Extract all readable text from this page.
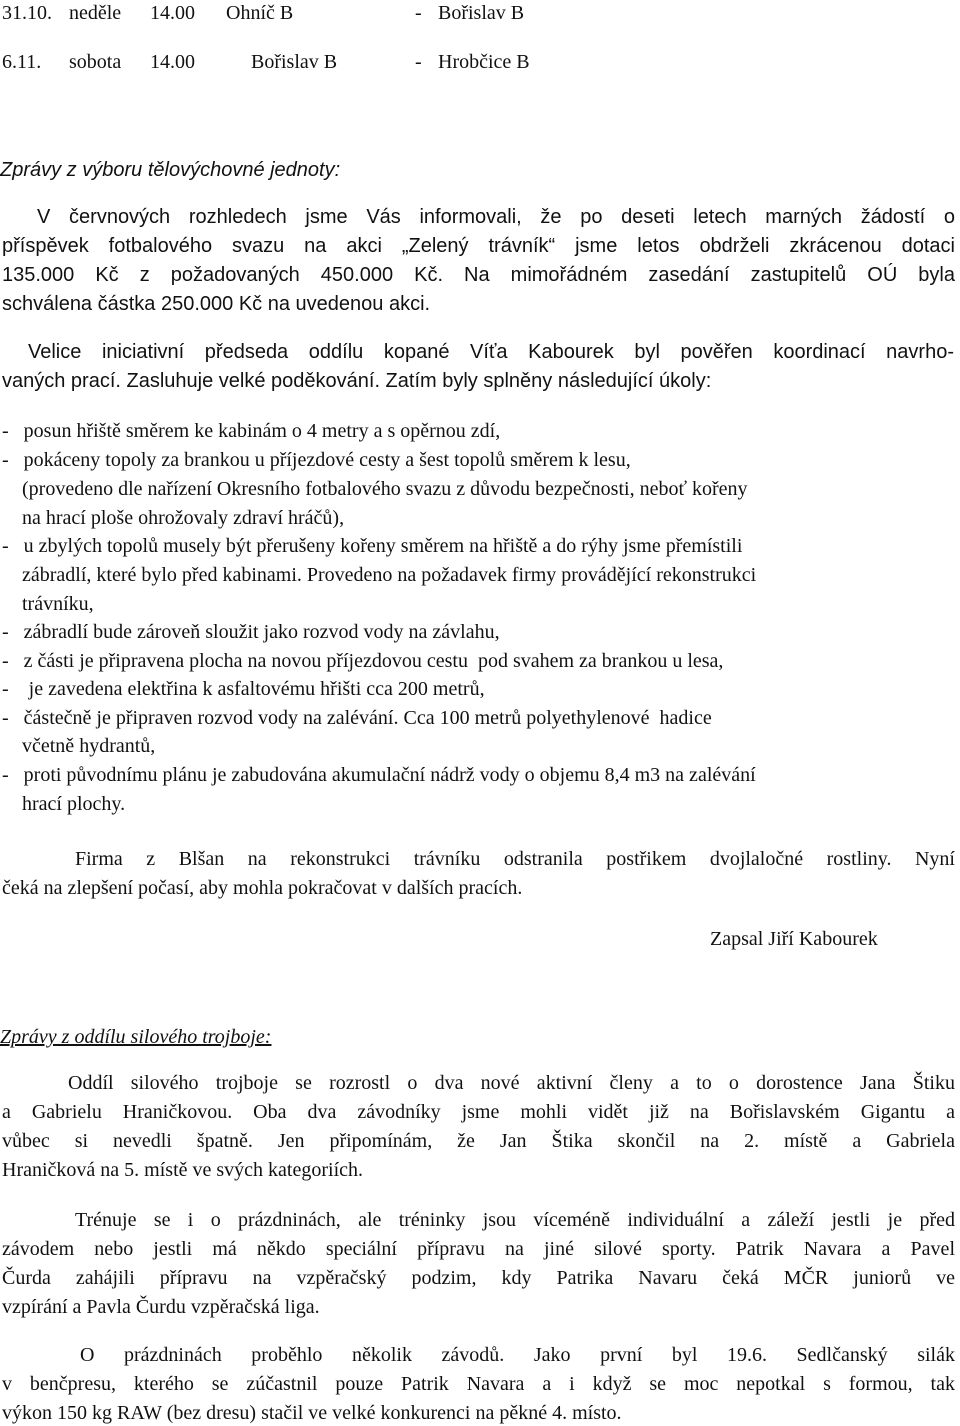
31.10. neděle 14.00 Ohníč B	- Bořislav B
6.11. sobota 14.00	Bořislav B	- Hrobčice B
Zprávy z výboru tělovýchovné jednoty:
V červnových rozhledech jsme Vás informovali, že po deseti letech marných žádostí o
příspěvek fotbalového svazu na akci „Zelený trávník“ jsme letos obdrželi zkrácenou dotaci
135.000 Kč z požadovaných 450.000 Kč. Na mimořádném zasedání zastupitelů OÚ byla
schválena částka 250.000 Kč na uvedenou akci.
Velice iniciativní předseda oddílu kopané Víťa Kabourek byl pověřen koordinací navrho-
vaných prací. Zasluhuje velké poděkování. Zatím byly splněny následující úkoly:
-   posun hřiště směrem ke kabinám o 4 metry a s opěrnou zdí,
-   pokáceny topoly za brankou u příjezdové cesty a šest topolů směrem k lesu,
(provedeno dle nařízení Okresního fotbalového svazu z důvodu bezpečnosti, neboť kořeny
na hrací ploše ohrožovaly zdraví hráčů),
-   u zbylých topolů musely být přerušeny kořeny směrem na hřiště a do rýhy jsme přemístili
zábradlí, které bylo před kabinami. Provedeno na požadavek firmy provádějící rekonstrukci
trávníku,
-   zábradlí bude zároveň sloužit jako rozvod vody na závlahu,
-   z části je připravena plocha na novou příjezdovou cestu  pod svahem za brankou u lesa,
-    je zavedena elektřina k asfaltovému hřišti cca 200 metrů,
-   částečně je připraven rozvod vody na zalévání. Cca 100 metrů polyethylenové  hadice
včetně hydrantů,
-   proti původnímu plánu je zabudována akumulační nádrž vody o objemu 8,4 m3 na zalévání
hrací plochy.
Firma z Blšan na rekonstrukci trávníku odstranila postřikem dvojlaločné rostliny. Nyní
čeká na zlepšení počasí, aby mohla pokračovat v dalších pracích.
Zapsal Jiří Kabourek
Zprávy z oddílu silového trojboje:
Oddíl silového trojboje se rozrostl o dva nové aktivní členy a to o dorostence Jana Štiku
a Gabrielu Hraničkovou. Oba dva závodníky jsme mohli vidět již na Bořislavském Gigantu a
vůbec si nevedli špatně. Jen připomínám, že Jan Štika skončil na 2. místě a Gabriela
Hraničková na 5. místě ve svých kategoriích.
Trénuje se i o prázdninách, ale tréninky jsou víceméně individuální a záleží jestli je před
závodem nebo jestli má někdo speciální přípravu na jiné silové sporty. Patrik Navara a Pavel
Čurda zahájili přípravu na vzpěračský podzim, kdy Patrika Navaru čeká MČR juniorů ve
vzpírání a Pavla Čurdu vzpěračská liga.
O prázdninách proběhlo několik závodů. Jako první byl 19.6. Sedlčanský silák
v benčpresu, kterého se zúčastnil pouze Patrik Navara a i když se moc nepotkal s formou, tak
výkon 150 kg RAW (bez dresu) stačil ve velké konkurenci na pěkné 4. místo.
